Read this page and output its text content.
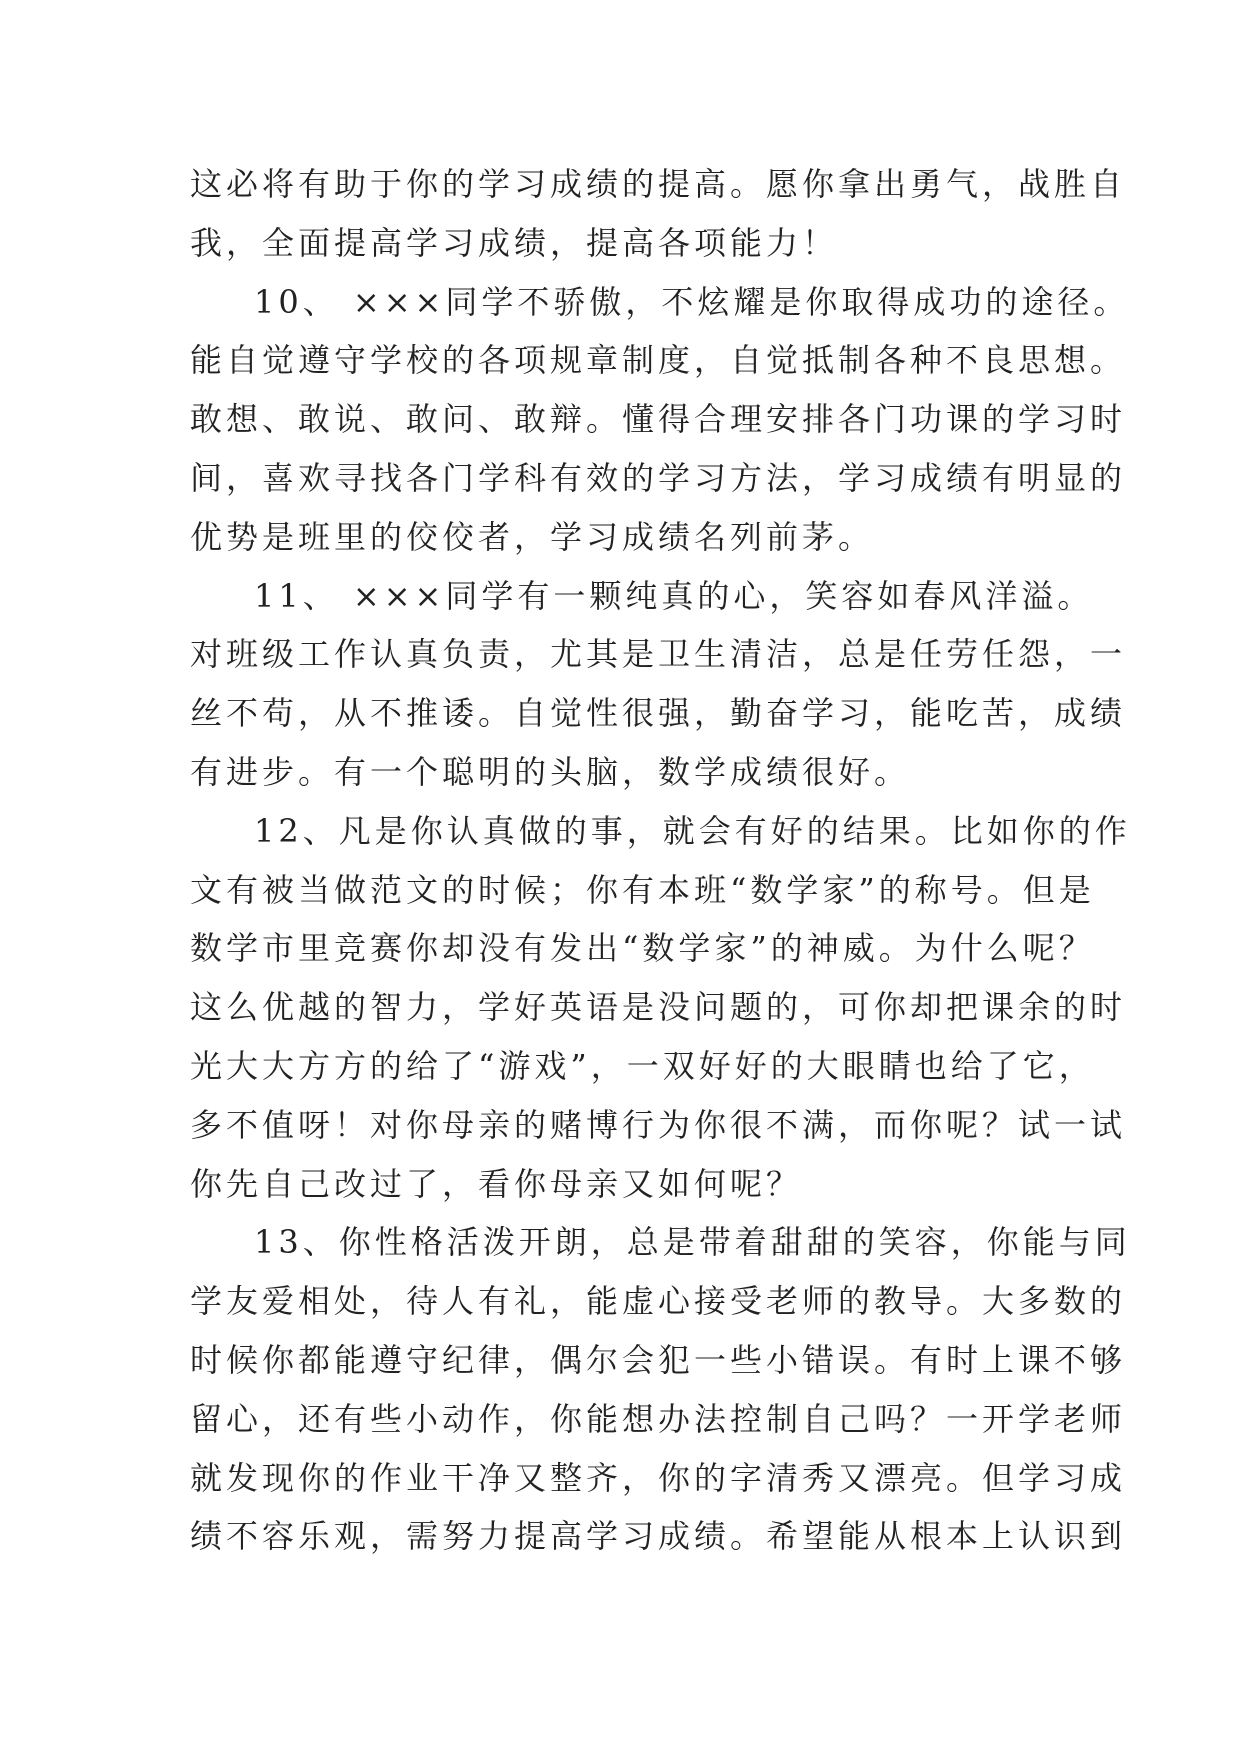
这必将有助于你的学习成绩的提高。愿你拿出勇气，战胜自
我，全面提高学习成绩，提高各项能力！
10、 ×××同学不骄傲，不炫耀是你取得成功的途径。
能自觉遵守学校的各项规章制度，自觉抵制各种不良思想。
敢想、敢说、敢问、敢辩。懂得合理安排各门功课的学习时
间，喜欢寻找各门学科有效的学习方法，学习成绩有明显的
优势是班里的佼佼者，学习成绩名列前茅。
11、 ×××同学有一颗纯真的心，笑容如春风洋溢。
对班级工作认真负责，尤其是卫生清洁，总是任劳任怨，一
丝不苟，从不推诿。自觉性很强，勤奋学习，能吃苦，成绩
有进步。有一个聪明的头脑，数学成绩很好。
12、凡是你认真做的事，就会有好的结果。比如你的作
文有被当做范文的时候；你有本班“数学家”的称号。但是
数学市里竞赛你却没有发出“数学家”的神威。为什么呢？
这么优越的智力，学好英语是没问题的，可你却把课余的时
光大大方方的给了“游戏”，一双好好的大眼睛也给了它，
多不值呀！对你母亲的赌博行为你很不满，而你呢？试一试
你先自己改过了，看你母亲又如何呢？
13、你性格活泼开朗，总是带着甜甜的笑容，你能与同
学友爱相处，待人有礼，能虚心接受老师的教导。大多数的
时候你都能遵守纪律，偶尔会犯一些小错误。有时上课不够
留心，还有些小动作，你能想办法控制自己吗？一开学老师
就发现你的作业干净又整齐，你的字清秀又漂亮。但学习成
绩不容乐观，需努力提高学习成绩。希望能从根本上认识到
